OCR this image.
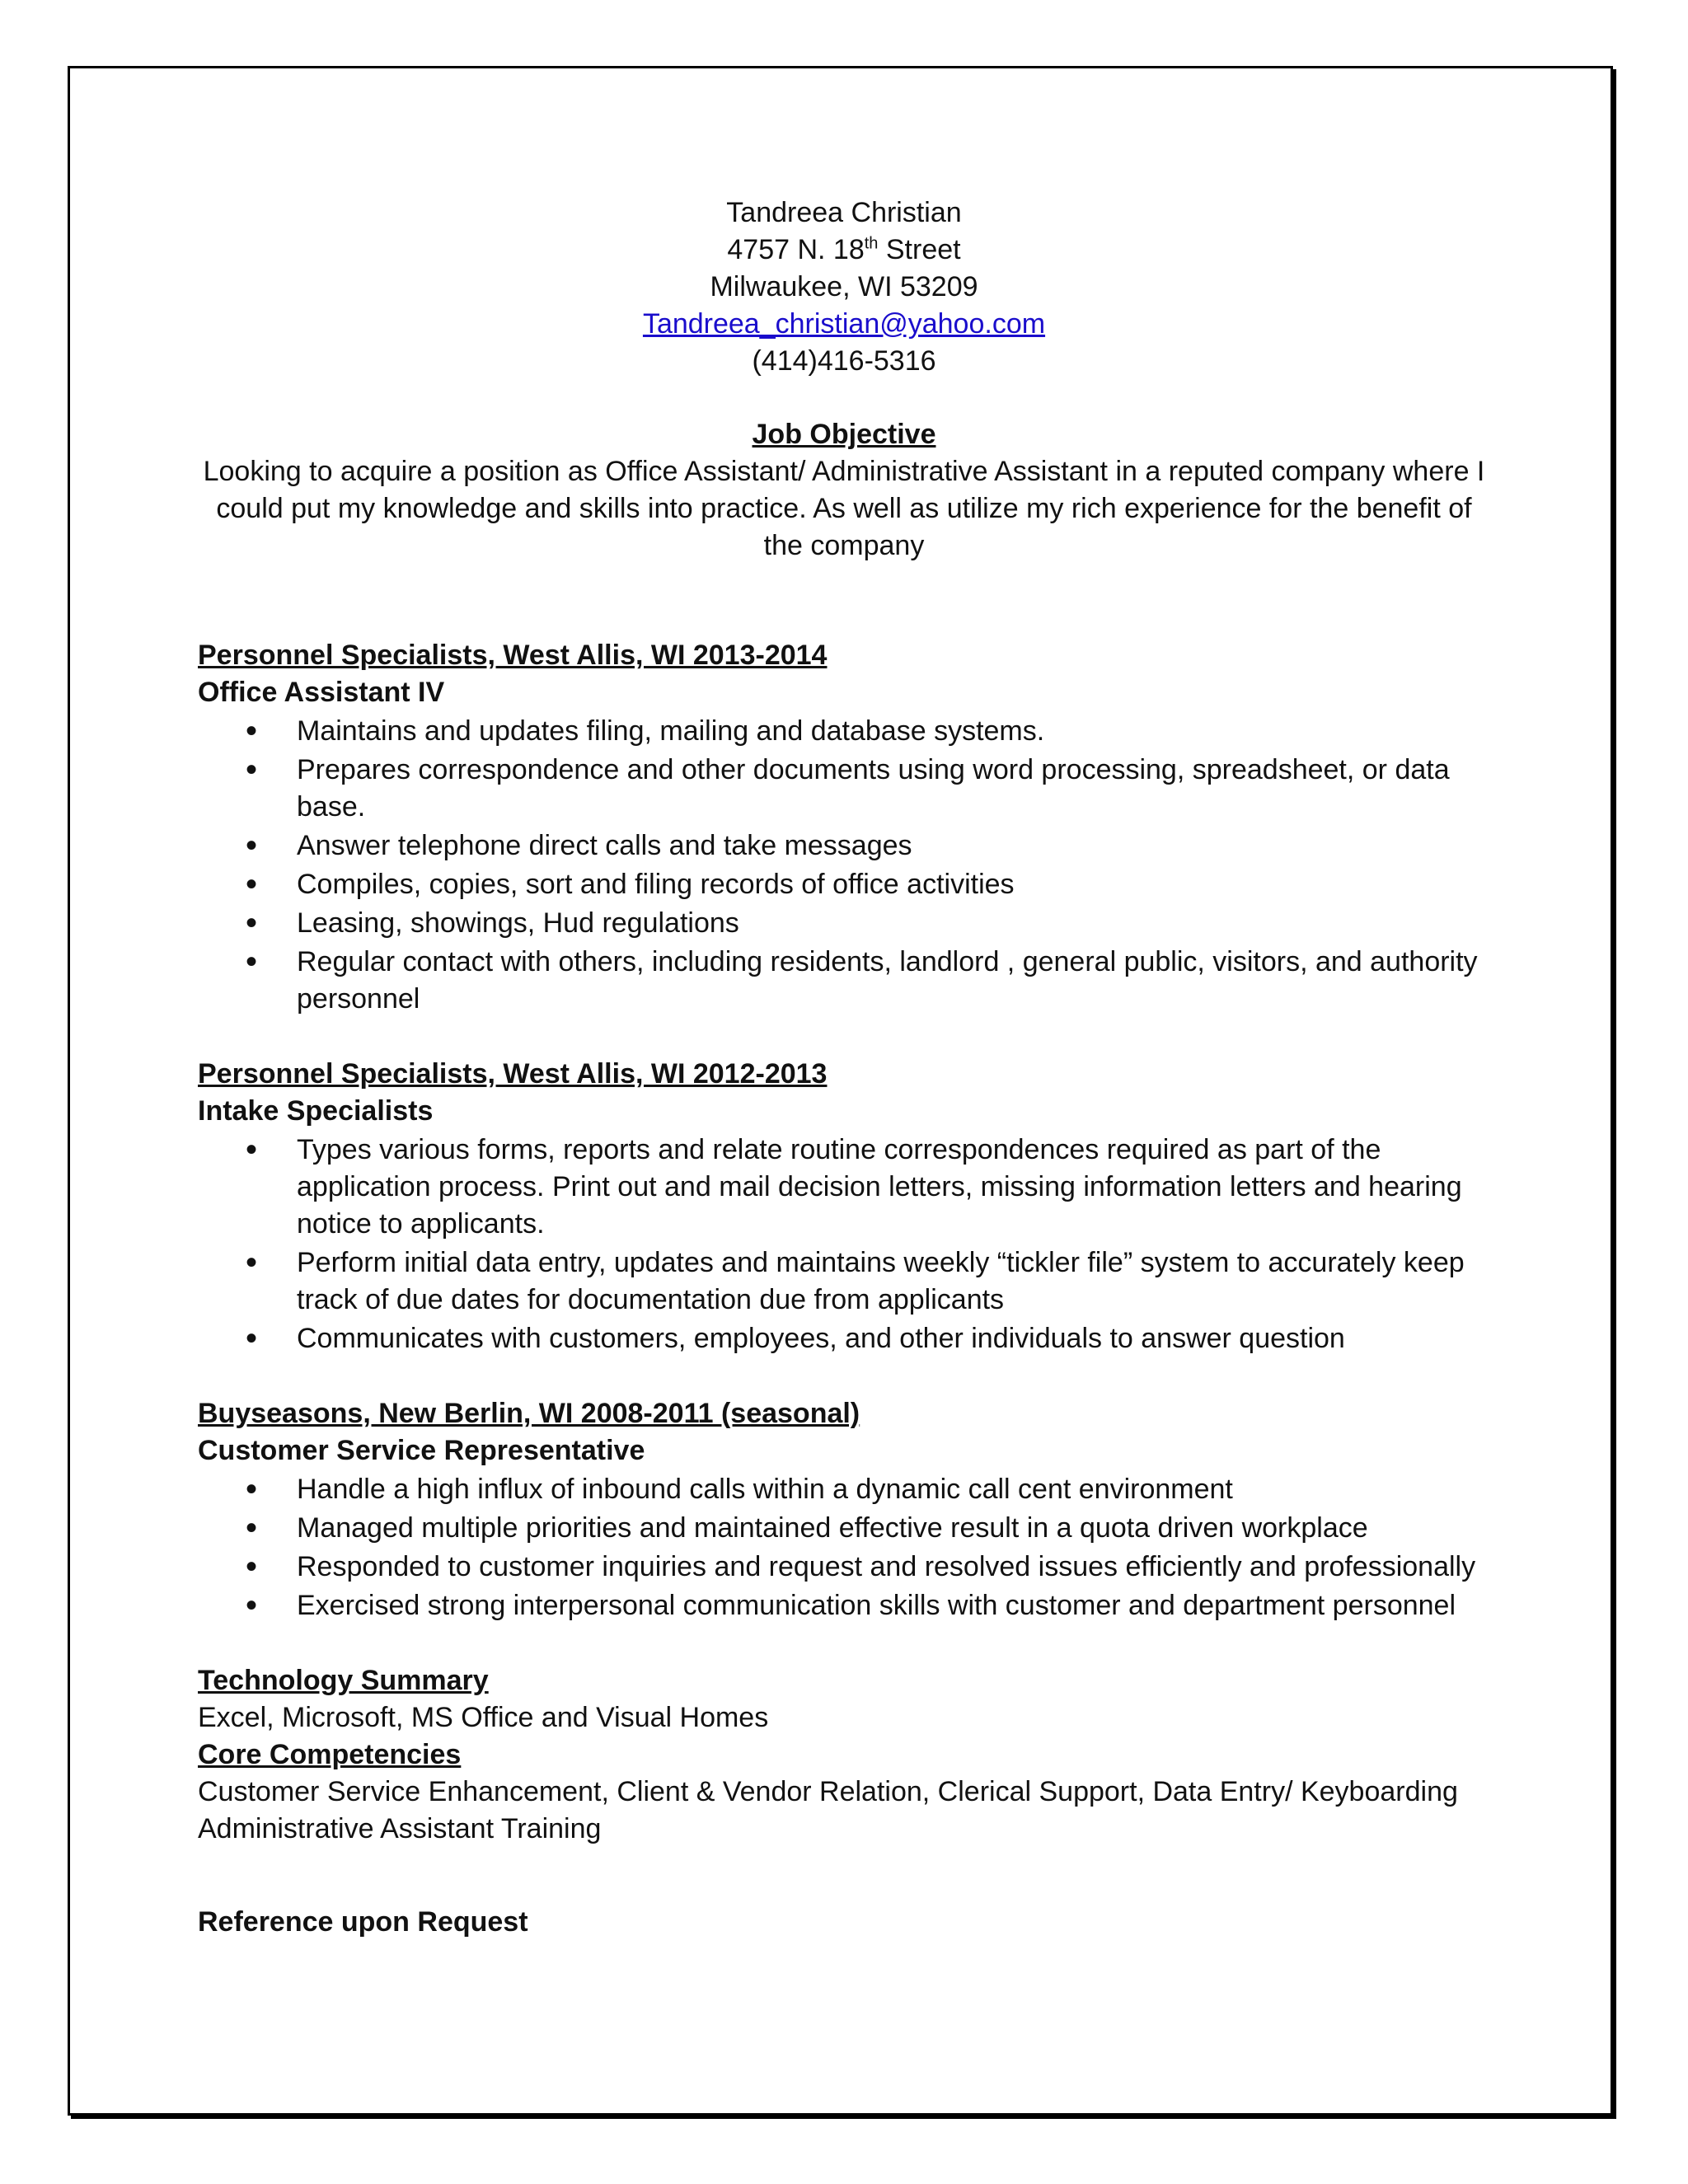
Tandreea Christian
4757 N. 18th Street
Milwaukee, WI 53209
Tandreea_christian@yahoo.com
(414)416-5316
Job Objective
Looking to acquire a position as Office Assistant/ Administrative Assistant in a reputed company where I could put my knowledge and skills into practice. As well as utilize my rich experience for the benefit of the company
Personnel Specialists, West Allis, WI 2013-2014
Office Assistant IV
• Maintains and updates filing, mailing and database systems.
• Prepares correspondence and other documents using word processing, spreadsheet, or data base.
• Answer telephone direct calls and take messages
• Compiles, copies, sort and filing records of office activities
• Leasing, showings, Hud regulations
• Regular contact with others, including residents, landlord , general public, visitors, and authority personnel
Personnel Specialists, West Allis, WI 2012-2013
Intake Specialists
• Types various forms, reports and relate routine correspondences required as part of the application process. Print out and mail decision letters, missing information letters and hearing notice to applicants.
• Perform initial data entry, updates and maintains weekly “tickler file” system to accurately keep track of due dates for documentation due from applicants
• Communicates with customers, employees, and other individuals to answer question
Buyseasons, New Berlin, WI 2008-2011 (seasonal)
Customer Service Representative
• Handle a high influx of inbound calls within a dynamic call cent environment
• Managed multiple priorities and maintained effective result in a quota driven workplace
• Responded to customer inquiries and request and resolved issues efficiently and professionally
• Exercised strong interpersonal communication skills with customer and department personnel
Technology Summary
Excel, Microsoft, MS Office and Visual Homes
Core Competencies
Customer Service Enhancement, Client & Vendor Relation, Clerical Support, Data Entry/ Keyboarding
Administrative Assistant Training
Reference upon Request
